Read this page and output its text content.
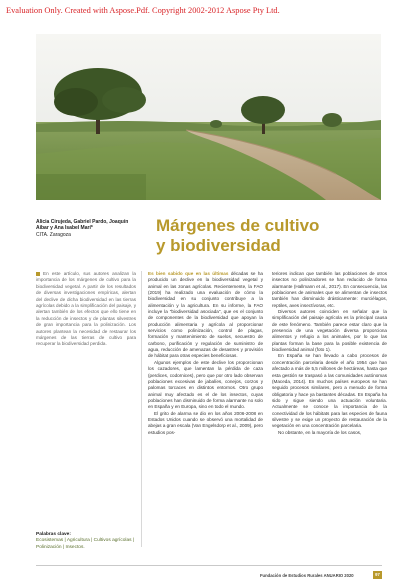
Evaluation Only. Created with Aspose.Pdf. Copyright 2002-2012 Aspose Pty Ltd.
Alicia Cirujeda, Gabriel Pardo, Joaquín Aibar y Ana Isabel Marí*
CITA. Zaragoza	Márgenes de cultivo
y biodiversidad
En este artículo, sus autores analizan la importancia de los márgenes de cultivo para la biodiversidad vegetal. A partir de los resultados de diversas investigaciones empíricas, alertan del declive de dicha biodiversidad en las tierras agrícolas debido a la simplificación del paisaje, y alertan también de los efectos que ello tiene en la reducción de insectos y de plantas silvestres de gran importancia para la polinización. Los autores plantean la necesidad de restaurar los márgenes de las tierras de cultivo para recuperar la biodiversidad perdida.
Palabras clave:
Ecosistemas | Agricultura | Cultivos agrícolas | Polinización | Insectos.

Es bien sabido que en las últimas décadas se ha producido un declive en la biodiversidad vegetal y animal en las zonas agrícolas. Recientemente, la FAO (2019) ha realizado una evaluación de cómo la biodiversidad en su conjunto contribuye a la alimentación y la agricultura. En su informe, la FAO incluye la "biodiversidad asociada", que es el conjunto de componentes de la biodiversidad que apoyan la producción alimentaria y agrícola al proporcionar servicios como polinización, control de plagas, formación y mantenimiento de suelos, secuestro de carbono, purificación y regulación de suministro de agua, reducción de amenazas de desastres y provisión de hábitat para otras especies beneficiosas.

Algunos ejemplos de este declive los proporcionan los cazadores, que lamentan la pérdida de caza (perdices, codornices), pero que por otro lado observan poblaciones excesivas de jabalíes, conejos, corzos y palomas torcaces en distintos entornos. Otro grupo animal muy afectado es el de los insectos, cuyas poblaciones han disminuido de forma alarmante no solo en España y en Europa, sino en todo el mundo.

El grito de alarma se dio en los años 2006-2008 en Estados Unidos cuando se observó una mortalidad de abejas a gran escala (Van Engelsdorp et al., 2009), pero estudios pos-

teriores indican que también las poblaciones de otros insectos no polinizadores se han reducido de forma alarmante (Hallmann et al., 2017). En consecuencia, las poblaciones de animales que se alimentan de insectos también han disminuido drásticamente: murciélagos, reptiles, aves insectívoras, etc.

Diversos autores coinciden en señalar que la simplificación del paisaje agrícola es la principal causa de este fenómeno. También parece estar claro que la presencia de una vegetación diversa proporciona alimentos y refugio a los animales, por lo que las plantas forman la base para la posible existencia de biodiversidad animal (foto 1).

En España se han llevado a cabo procesos de concentración parcelaria desde el año 1954 que han afectado a más de 5,5 millones de hectáreas, hasta que esta gestión se traspasó a las comunidades autónomas (Maceda, 2014). En muchos países europeos se han seguido procesos similares, pero a menudo de forma obligatoria y hace ya bastantes décadas. En España ha sido y sigue siendo una actuación voluntaria. Actualmente se conoce la importancia de la conectividad de los hábitats para las especies de fauna silvestre y se exige un proyecto de restauración de la vegetación en una concentración parcelaria.

No obstante, en la mayoría de los casos,

Fundación de Estudios Rurales ANUARIO 2020	97
